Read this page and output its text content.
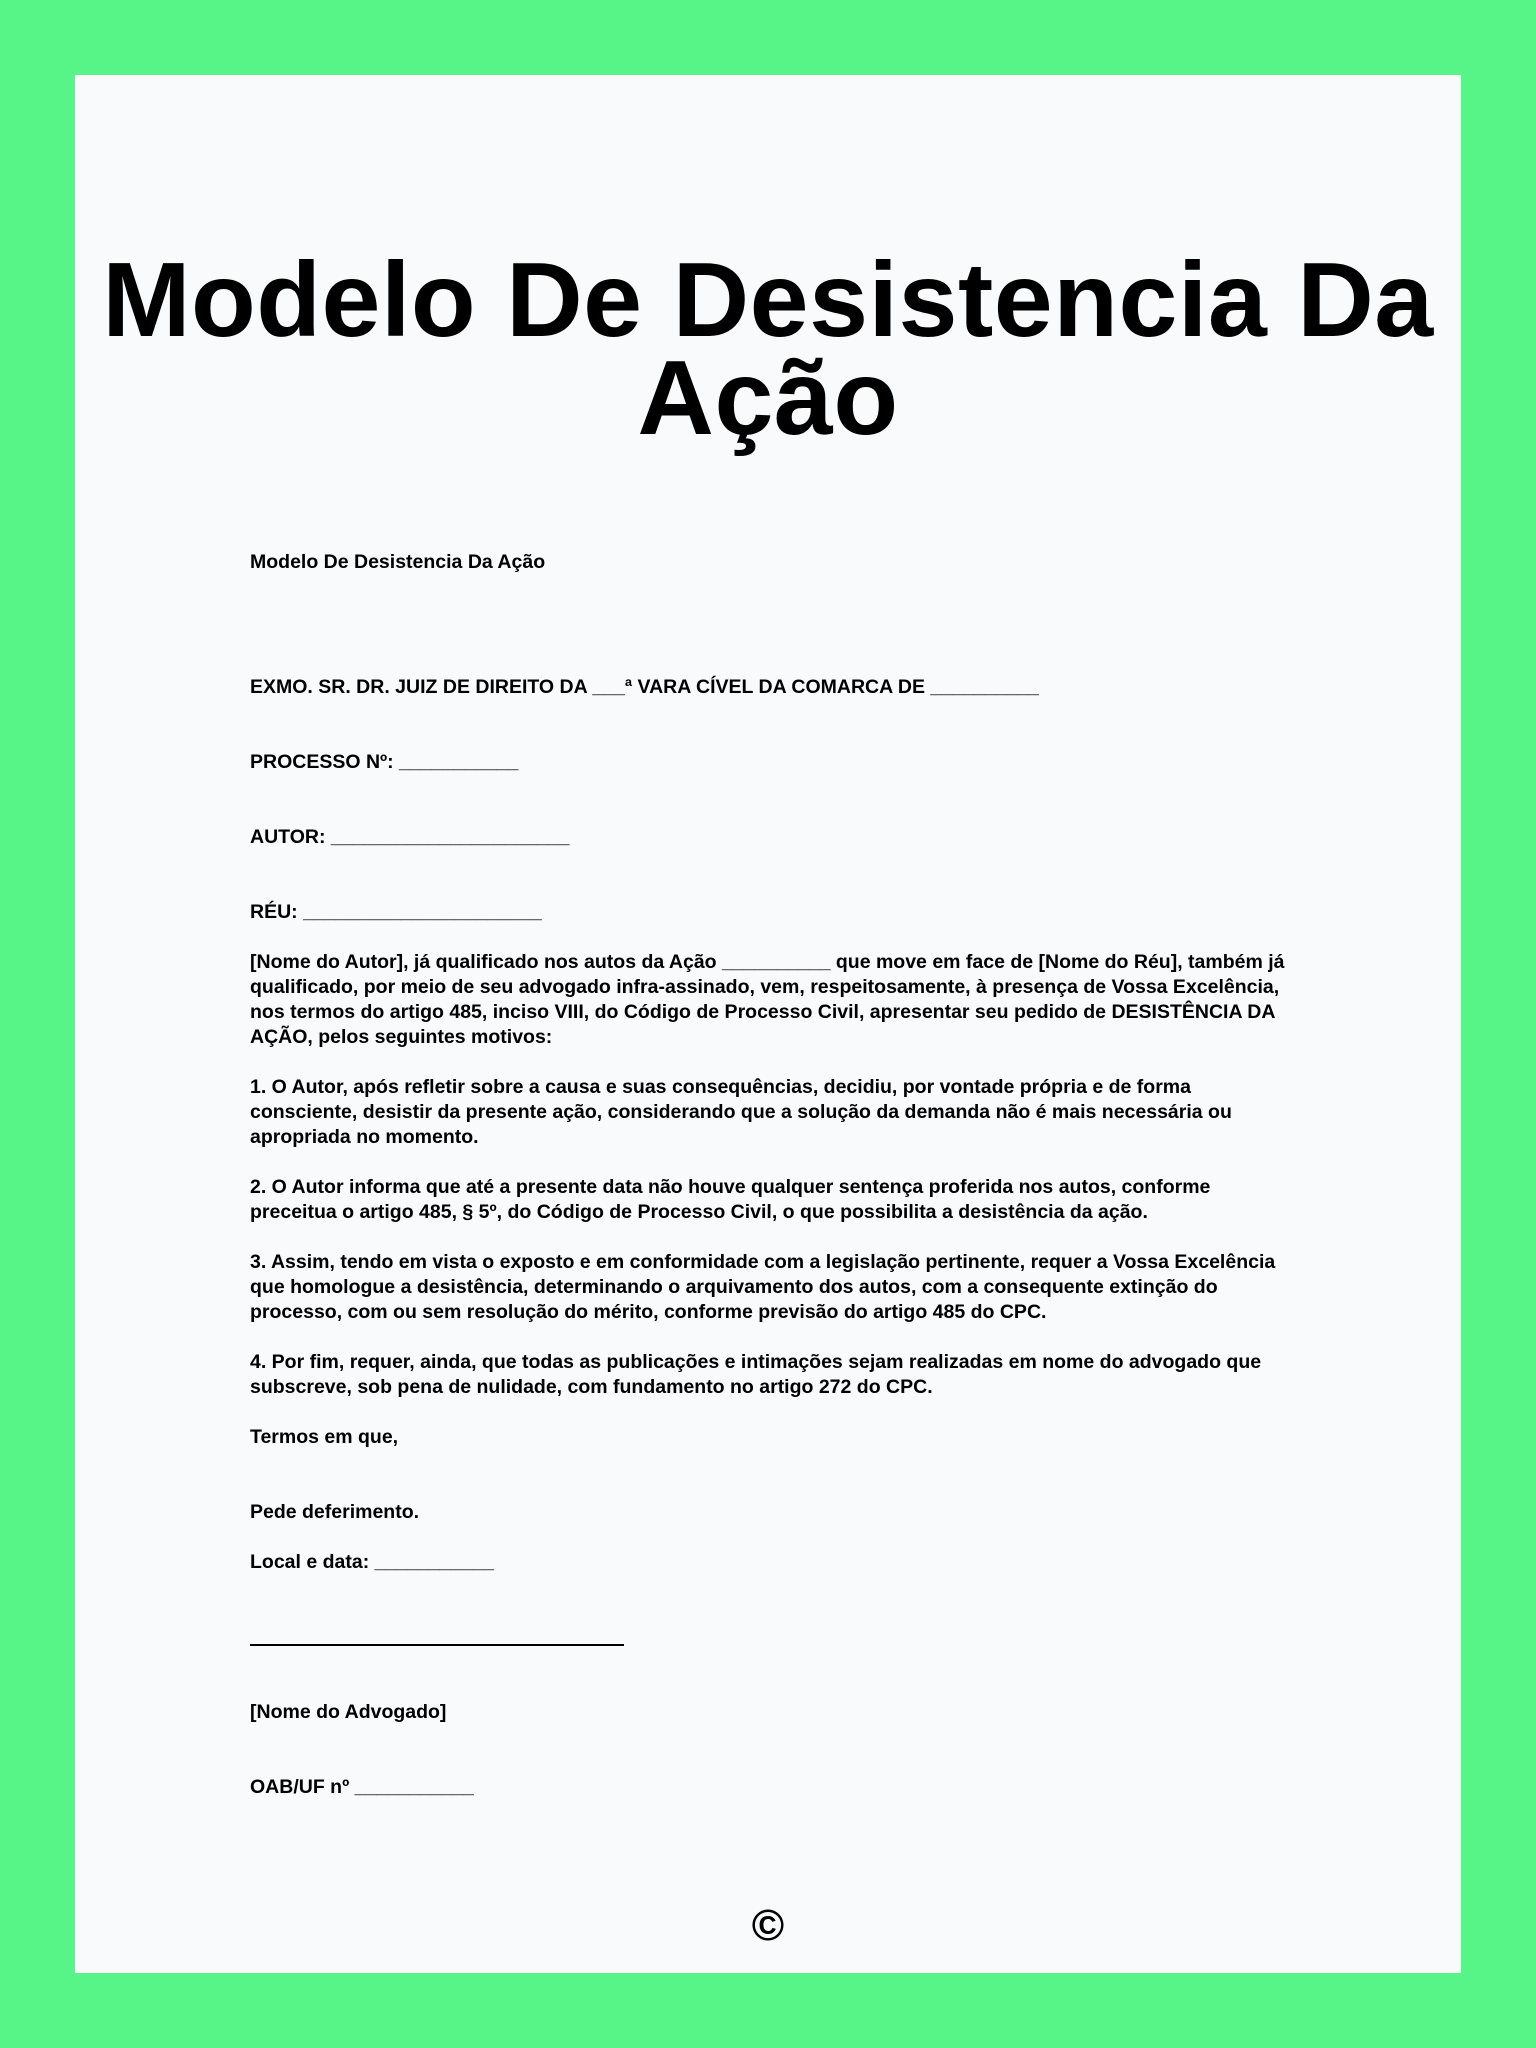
Modelo De Desistencia Da Ação
Modelo De Desistencia Da Ação
EXMO. SR. DR. JUIZ DE DIREITO DA ___ª VARA CÍVEL DA COMARCA DE __________
PROCESSO Nº: ___________
AUTOR: ______________________
RÉU: ______________________
[Nome do Autor], já qualificado nos autos da Ação __________ que move em face de [Nome do Réu], também já qualificado, por meio de seu advogado infra-assinado, vem, respeitosamente, à presença de Vossa Excelência, nos termos do artigo 485, inciso VIII, do Código de Processo Civil, apresentar seu pedido de DESISTÊNCIA DA AÇÃO, pelos seguintes motivos:
1. O Autor, após refletir sobre a causa e suas consequências, decidiu, por vontade própria e de forma consciente, desistir da presente ação, considerando que a solução da demanda não é mais necessária ou apropriada no momento.
2. O Autor informa que até a presente data não houve qualquer sentença proferida nos autos, conforme preceitua o artigo 485, § 5º, do Código de Processo Civil, o que possibilita a desistência da ação.
3. Assim, tendo em vista o exposto e em conformidade com a legislação pertinente, requer a Vossa Excelência que homologue a desistência, determinando o arquivamento dos autos, com a consequente extinção do processo, com ou sem resolução do mérito, conforme previsão do artigo 485 do CPC.
4. Por fim, requer, ainda, que todas as publicações e intimações sejam realizadas em nome do advogado que subscreve, sob pena de nulidade, com fundamento no artigo 272 do CPC.
Termos em que,
Pede deferimento.
Local e data: ___________
[Nome do Advogado]
OAB/UF nº ___________
©
